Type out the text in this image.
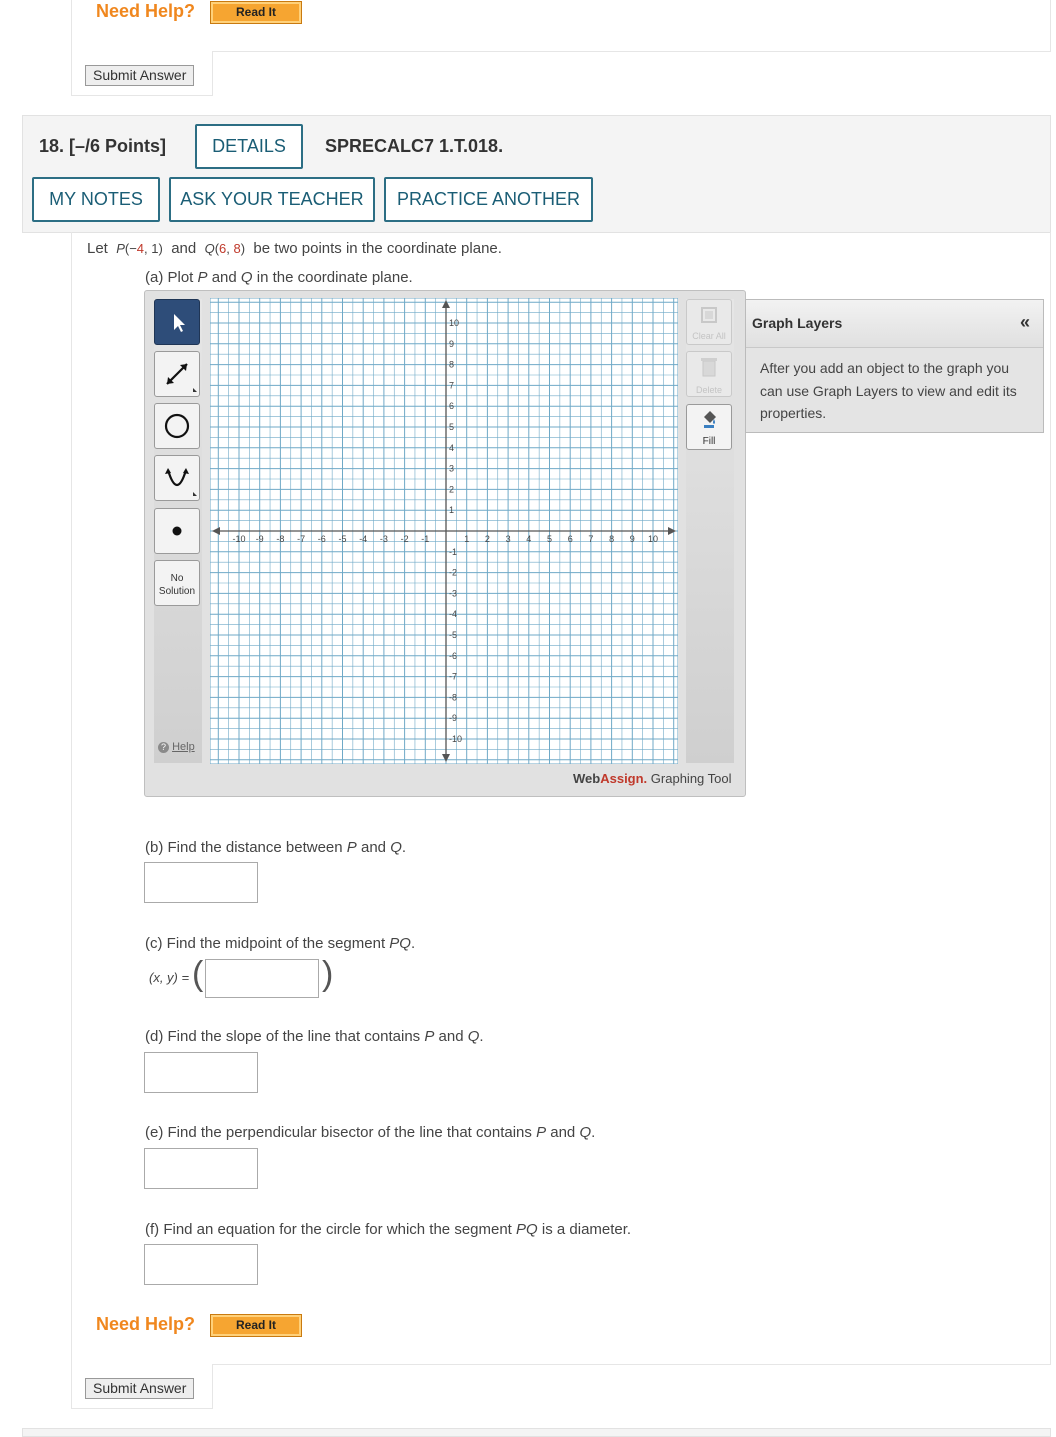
Need Help?	Read It
Submit Answer
18. [–/6 Points]	DETAILS	SPRECALC7 1.T.018.
MY NOTES	ASK YOUR TEACHER	PRACTICE ANOTHER
Let P(−4, 1) and Q(6, 8) be two points in the coordinate plane.
(a) Plot P and Q in the coordinate plane.
No
Solution
? Help
-10 -9 -8 -7 -6 -5 -4 -3 -2 -1	1 2 3 4 5 6 7 8 9 10
10
9
8
7
6
5
4
3
2
1
-1
-2
-3
-4
-5
-6
-7
-8
-9
-10
Clear All
Delete
Fill
WebAssign. Graphing Tool
Graph Layers	«
After you add an object to the graph you can use Graph Layers to view and edit its properties.
(b) Find the distance between P and Q.
(c) Find the midpoint of the segment PQ.
(x, y) = (	)
(d) Find the slope of the line that contains P and Q.
(e) Find the perpendicular bisector of the line that contains P and Q.
(f) Find an equation for the circle for which the segment PQ is a diameter.
Need Help?	Read It
Submit Answer
